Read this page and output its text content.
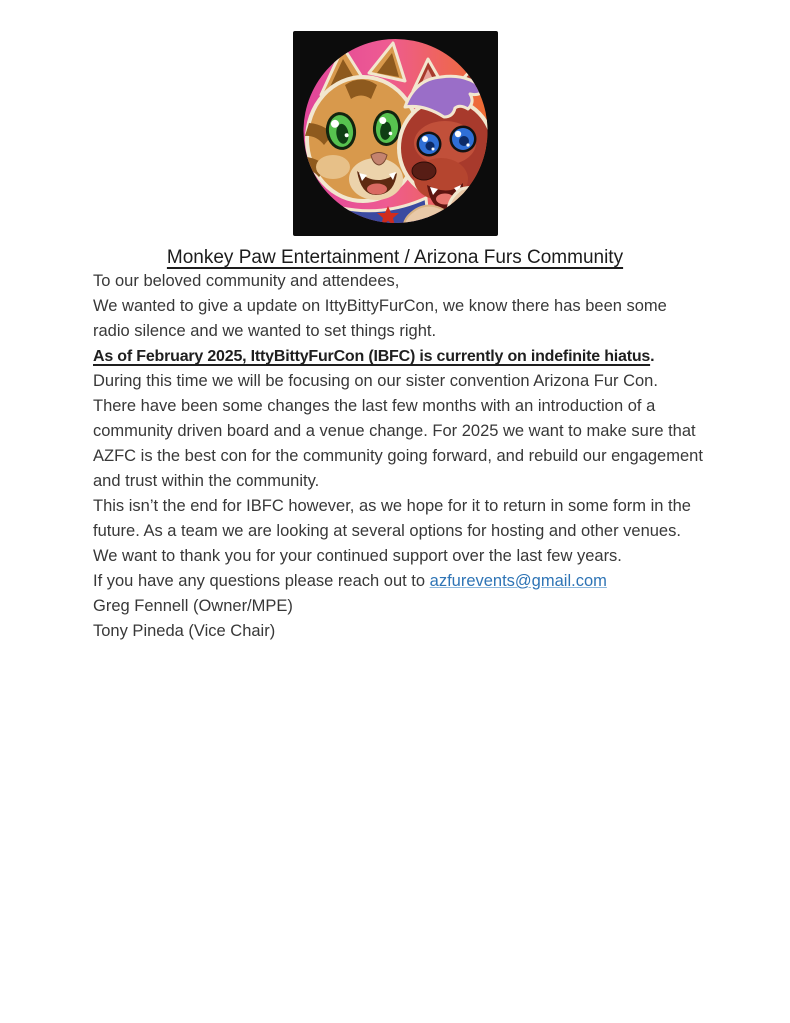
Monkey Paw Entertainment / Arizona Furs Community

To our beloved community and attendees,

We wanted to give a update on IttyBittyFurCon, we know there has been some radio silence and we wanted to set things right.

As of February 2025, IttyBittyFurCon (IBFC) is currently on indefinite hiatus.

During this time we will be focusing on our sister convention Arizona Fur Con.

There have been some changes the last few months with an introduction of a community driven board and a venue change. For 2025 we want to make sure that AZFC is the best con for the community going forward, and rebuild our engagement and trust within the community.

This isn’t the end for IBFC however, as we hope for it to return in some form in the future. As a team we are looking at several options for hosting and other venues. We want to thank you for your continued support over the last few years.

If you have any questions please reach out to azfurevents@gmail.com

Greg Fennell (Owner/MPE)

Tony Pineda (Vice Chair)
